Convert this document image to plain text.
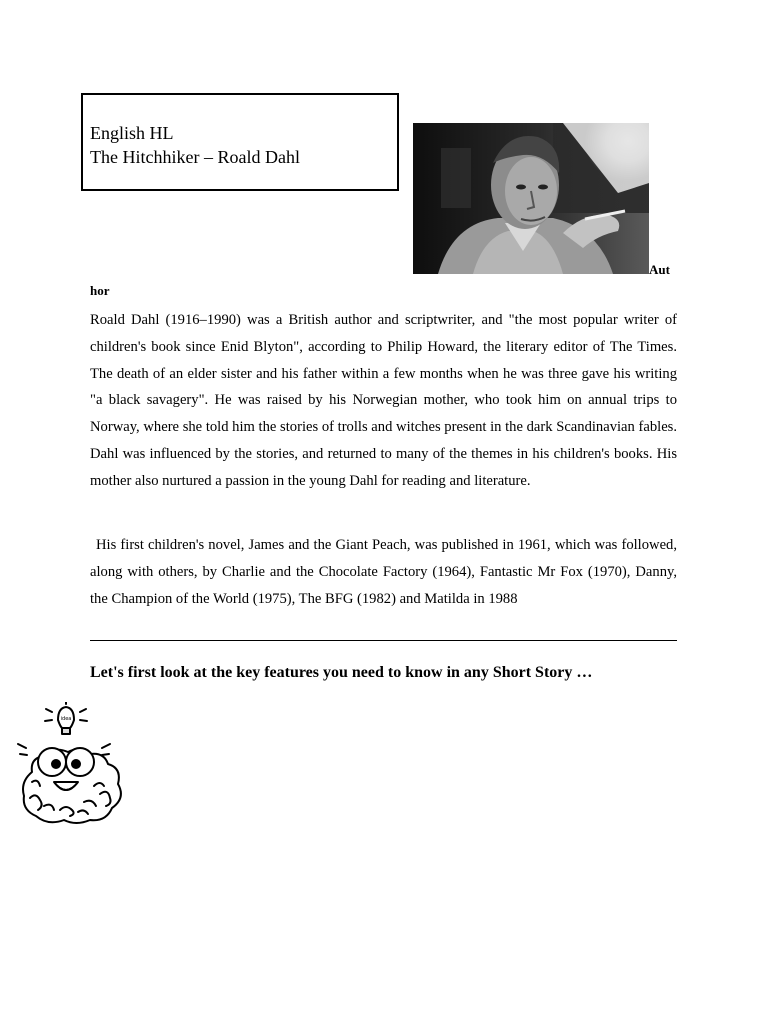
English HL
The Hitchhiker – Roald Dahl
Aut
hor

Roald Dahl (1916–1990) was a British author and scriptwriter, and "the most popular writer of children's book since Enid Blyton", according to Philip Howard, the literary editor of The Times. The death of an elder sister and his father within a few months when he was three gave his writing "a black savagery". He was raised by his Norwegian mother, who took him on annual trips to Norway, where she told him the stories of trolls and witches present in the dark Scandinavian fables. Dahl was influenced by the stories, and returned to many of the themes in his children's books. His mother also nurtured a passion in the young Dahl for reading and literature.

His first children's novel, James and the Giant Peach, was published in 1961, which was followed, along with others, by Charlie and the Chocolate Factory (1964), Fantastic Mr Fox (1970), Danny, the Champion of the World (1975), The BFG (1982) and Matilda in 1988

Let's first look at the key features you need to know in any Short Story …
idea
